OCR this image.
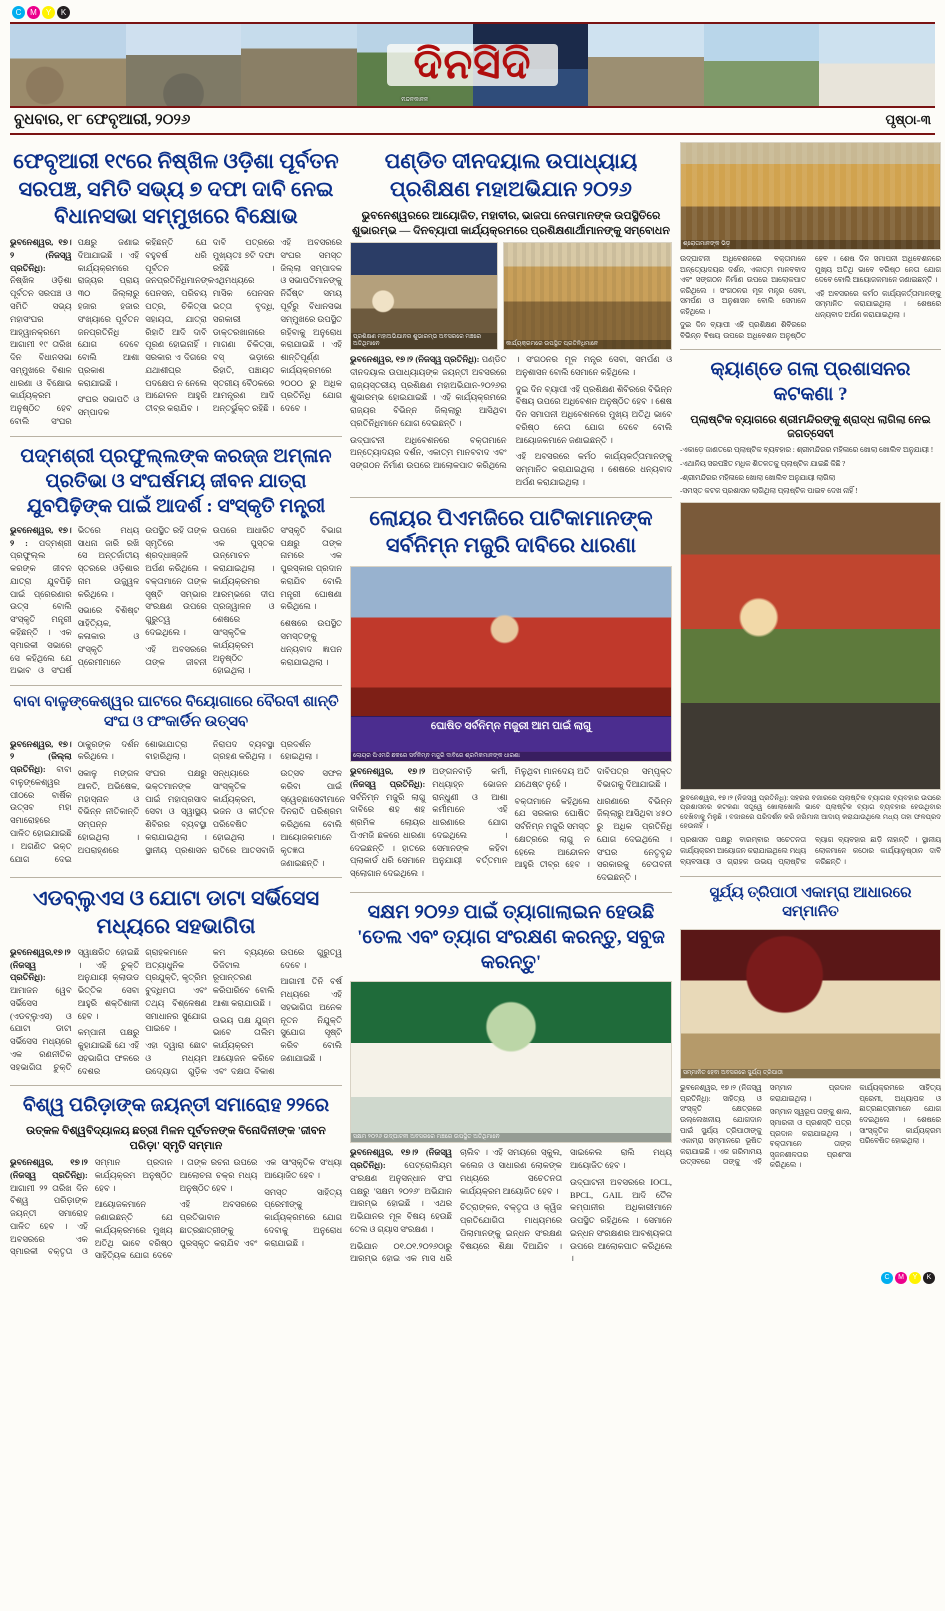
C	M	Y	K
ନନ୍ଦନକାନନ
ଦିନସିଦି
ବୁଧବାର, ୧୮ ଫେବୃଆରୀ, ୨୦୨୬	ପୃଷ୍ଠା-୩
ଫେବୃଆରୀ ୧୯ରେ ନିଷ୍ଖିଳ ଓଡ଼ିଶା ପୂର୍ବତନ ସରପଞ୍ଚ, ସମିତି ସଭ୍ୟ ୭ ଦଫା ଦାବି ନେଇ ବିଧାନସଭା ସମ୍ମୁଖରେ ବିକ୍ଷୋଭ

ଭୁବନେଶ୍ୱର, ୧୭।୨ (ନିଜସ୍ୱ ପ୍ରତିନିଧି): ନିଷ୍ଖିଳ ଓଡ଼ିଶା ପୂର୍ବତନ ସରପଞ୍ଚ ଓ ସମିତି ସଭ୍ୟ ମହାସଂଘର ଆହ୍ୱାନକ୍ରମେ ଆଗାମୀ ୧୯ ତାରିଖ ଦିନ ବିଧାନସଭା ସମ୍ମୁଖରେ ବିଶାଳ ଧାରଣା ଓ ବିକ୍ଷୋଭ କାର୍ଯ୍ୟକ୍ରମ ଅନୁଷ୍ଠିତ ହେବ ବୋଲି ସଂଘର ପକ୍ଷରୁ ଜଣାଇ ଦିଆଯାଇଛି । ଏହି କାର୍ଯ୍ୟକ୍ରମରେ ରାଜ୍ୟର ପ୍ରାୟ ୩୦ ଜିଲ୍ଲାରୁ ହଜାର ହଜାର ସଂଖ୍ୟାରେ ପୂର୍ବତନ ଜନପ୍ରତିନିଧି ଯୋଗ ଦେବେ ବୋଲି ଆଶା ପ୍ରକାଶ କରାଯାଇଛି ।

ସଂଘର ସଭାପତି ଓ ସମ୍ପାଦକ କହିଛନ୍ତି ଯେ ବହୁବର୍ଷ ଧରି ପୂର୍ବତନ ଜନପ୍ରତିନିଧିମାନଙ୍କ ପେନସନ, ପରିଚୟ ପତ୍ର, ଚିକିତ୍ସା ସହାୟତା, ଯାତ୍ରା ରିହାତି ଆଦି ଦାବି ପୂରଣ ହୋଇନାହିଁ । ସରକାର ଏ ଦିଗରେ ଯଥାଶୀଘ୍ର ପଦକ୍ଷେପ ନ ନେଲେ ଆନ୍ଦୋଳନ ଆହୁରି ତୀବ୍ର କରାଯିବ ।

ଦାବି ପତ୍ରରେ ମୁଖ୍ୟତଃ ୭ଟି ଦଫା ରହିଛି । ଏଥିମଧ୍ୟରେ ମାସିକ ପେନସନ ଭତ୍ତା ବୃଦ୍ଧି, ସରକାରୀ ଡାକ୍ତରଖାନାରେ ମାଗଣା ଚିକିତ୍ସା, ବସ୍ ଭଡ଼ାରେ ରିହାତି, ପଞ୍ଚାୟତ ସ୍ତରୀୟ ବୈଠକରେ ଆମନ୍ତ୍ରଣ ଆଦି ଅନ୍ତର୍ଭୁକ୍ତ ରହିଛି ।

ଏହି ଅବସରରେ ସଂଘର ସମସ୍ତ ଜିଲ୍ଲା ସମ୍ପାଦକ ଓ ସଭାପତିମାନଙ୍କୁ ନିର୍ଦ୍ଦିଷ୍ଟ ସମୟ ପୂର୍ବରୁ ବିଧାନସଭା ସମ୍ମୁଖରେ ଉପସ୍ଥିତ ରହିବାକୁ ଅନୁରୋଧ କରାଯାଇଛି । ଏହି ଶାନ୍ତିପୂର୍ଣ୍ଣ କାର୍ଯ୍ୟକ୍ରମରେ ୨୦୦୦ ରୁ ଅଧିକ ପ୍ରତିନିଧି ଯୋଗ ଦେବେ ।

ପଦ୍ମଶ୍ରୀ ପ୍ରଫୁଲ୍ଲଙ୍କ କରଜ୍ଜ ଅମ୍ଳାନ ପ୍ରତିଭା ଓ ସଂଘର୍ଷମୟ ଜୀବନ ଯାତ୍ରା ଯୁବପିଢ଼ିଙ୍କ ପାଇଁ ଆଦର୍ଶ : ସଂସ୍କୃତି ମନ୍ତ୍ରୀ

ଭୁବନେଶ୍ୱର, ୧୭।୨ : ପଦ୍ମଶ୍ରୀ ପ୍ରଫୁଲ୍ଲ କରଙ୍କ ଜୀବନ ଯାତ୍ରା ଯୁବପିଢ଼ି ପାଇଁ ପ୍ରେରଣାର ଉତ୍ସ ବୋଲି ସଂସ୍କୃତି ମନ୍ତ୍ରୀ କହିଛନ୍ତି । ଏକ ସ୍ମାରକୀ ସଭାରେ ସେ କହିଥିଲେ ଯେ ଅଭାବ ଓ ସଂଘର୍ଷ ଭିତରେ ମଧ୍ୟ ସାଧନା ଜାରି ରଖି ସେ ଅନ୍ତର୍ଜାତୀୟ ସ୍ତରରେ ଓଡ଼ିଶାର ନାମ ଉଜ୍ଜ୍ୱଳ କରିଥିଲେ ।

ସଭାରେ ବିଶିଷ୍ଟ ସାହିତ୍ୟିକ, କଳାକାର ଓ ସଂସ୍କୃତି ପ୍ରେମୀମାନେ ଉପସ୍ଥିତ ରହି ତାଙ୍କ ସ୍ମୃତିରେ ଶ୍ରଦ୍ଧାଞ୍ଜଳି ଅର୍ପଣ କରିଥିଲେ । ବକ୍ତାମାନେ ତାଙ୍କ ସୃଷ୍ଟି ସମ୍ଭାର ସଂରକ୍ଷଣ ଉପରେ ଗୁରୁତ୍ୱ ଦେଇଥିଲେ ।

ଏହି ଅବସରରେ ତାଙ୍କ ଜୀବନୀ ଉପରେ ଆଧାରିତ ଏକ ପୁସ୍ତକ ଉନ୍ମୋଚନ କରାଯାଇଥିଲା । କାର୍ଯ୍ୟକ୍ରମର ଆରମ୍ଭରେ ଦୀପ ପ୍ରଜ୍ୱାଳନ ଓ ଶେଷରେ ସାଂସ୍କୃତିକ କାର୍ଯ୍ୟକ୍ରମ ଅନୁଷ୍ଠିତ ହୋଇଥିଲା ।

ସଂସ୍କୃତି ବିଭାଗ ପକ୍ଷରୁ ତାଙ୍କ ନାମରେ ଏକ ପୁରସ୍କାର ପ୍ରଦାନ କରାଯିବ ବୋଲି ମନ୍ତ୍ରୀ ଘୋଷଣା କରିଥିଲେ ।

ଶେଷରେ ଉପସ୍ଥିତ ସମସ୍ତଙ୍କୁ ଧନ୍ୟବାଦ ଜ୍ଞାପନ କରାଯାଇଥିଲା ।

ବାବା ବାଳୁଙ୍କେଶ୍ୱର ଘାଟରେ ବିୟୋଗାରେ ବୈରବୀ ଶାନ୍ତି ସଂଘ ଓ ଫଂକାର୍ଡିନ ଉତ୍ସବ

ଭୁବନେଶ୍ୱର, ୧୭।୨ (ଜିଲ୍ଲା ପ୍ରତିନିଧି): ବାବା ବାଳୁଙ୍କେଶ୍ୱର ପୀଠରେ ବାର୍ଷିକ ଉତ୍ସବ ମହା ସମାରୋହରେ ପାଳିତ ହୋଇଯାଇଛି । ଅଗଣିତ ଭକ୍ତ ଯୋଗ ଦେଇ ଠାକୁରଙ୍କ ଦର୍ଶନ କରିଥିଲେ ।

ସକାଳୁ ମଙ୍ଗଳ ଆଳତି, ଅଭିଷେକ, ମହାସ୍ନାନ ଓ ବିଭିନ୍ନ ନୀତିକାନ୍ତି ସମ୍ପନ୍ନ ହୋଇଥିଲା । ଅପରାହ୍ଣରେ ଶୋଭାଯାତ୍ରା ବାହାରିଥିଲା ।

ସଂଘର ପକ୍ଷରୁ ଭକ୍ତମାନଙ୍କ ପାଇଁ ମହାପ୍ରସାଦ ସେବା ଓ ସ୍ୱାସ୍ଥ୍ୟ ଶିବିରର ବ୍ୟବସ୍ଥା କରାଯାଇଥିଲା । ସ୍ଥାନୀୟ ପ୍ରଶାସନ ନିରାପଦ ବ୍ୟବସ୍ଥା ଗ୍ରହଣ କରିଥିଲା ।

ସନ୍ଧ୍ୟାରେ ସାଂସ୍କୃତିକ କାର୍ଯ୍ୟକ୍ରମ, ଭଜନ ଓ କୀର୍ତ୍ତନ ପରିବେଷିତ ହୋଇଥିଲା । ରାତିରେ ଆତସବାଜି ପ୍ରଦର୍ଶନ ହୋଇଥିଲା ।

ଉତ୍ସବ ସଫଳ କରିବା ପାଇଁ ସ୍ୱେଚ୍ଛାସେବୀମାନେ ଦିନରାତି ପରିଶ୍ରମ କରିଥିଲେ ବୋଲି ଆୟୋଜକମାନେ କୃତଜ୍ଞତା ଜଣାଇଛନ୍ତି ।

ଏଡବ୍ଲୁଏସ ଓ ଯୋଟା ଡାଟା ସର୍ଭିସେସ ମଧ୍ୟରେ ସହଭାଗିତା

ଭୁବନେଶ୍ୱର,୧୭।୨ (ନିଜସ୍ୱ ପ୍ରତିନିଧି): ଆମାଜନ ୱେବ ସର୍ଭିସେସ (ଏଡବ୍ଲୁଏସ) ଓ ଯୋଟା ଡାଟା ସର୍ଭିସେସ ମଧ୍ୟରେ ଏକ ରଣନୀତିକ ସହଭାଗିତା ଚୁକ୍ତି ସ୍ୱାକ୍ଷରିତ ହୋଇଛି । ଏହି ଚୁକ୍ତି ଅନୁଯାୟୀ କ୍ଲାଉଡ ଭିତ୍ତିକ ସେବା ଆହୁରି ଶକ୍ତିଶାଳୀ ହେବ ।

କମ୍ପାନୀ ପକ୍ଷରୁ କୁହାଯାଇଛି ଯେ ଏହି ସହଭାଗିତା ଫଳରେ ଦେଶର ଗ୍ରାହକମାନେ ଅତ୍ୟାଧୁନିକ ପ୍ରଯୁକ୍ତି, କୃତ୍ରିମ ବୁଦ୍ଧିମତା ଏବଂ ତଥ୍ୟ ବିଶ୍ଳେଷଣ ସମାଧାନର ସୁଯୋଗ ପାଇବେ ।

ଏହା ଦ୍ୱାରା ଛୋଟ ଓ ମଧ୍ୟମ ଉଦ୍ୟୋଗ ଗୁଡ଼ିକ କମ ବ୍ୟୟରେ ଡିଜିଟାଲ ରୂପାନ୍ତରଣ କରିପାରିବେ ବୋଲି ଆଶା କରାଯାଉଛି ।

ଉଭୟ ପକ୍ଷ ଯୁଗ୍ମ ଭାବେ ତାଲିମ କାର୍ଯ୍ୟକ୍ରମ ଆୟୋଜନ କରିବେ ଏବଂ ଦକ୍ଷତା ବିକାଶ ଉପରେ ଗୁରୁତ୍ୱ ଦେବେ ।

ଆଗାମୀ ତିନି ବର୍ଷ ମଧ୍ୟରେ ଏହି ସହଭାଗିତା ଅନେକ ନୂତନ ନିଯୁକ୍ତି ସୁଯୋଗ ସୃଷ୍ଟି କରିବ ବୋଲି ଜଣାଯାଇଛି ।

ବିଶ୍ୱ ପରିଡ଼ାଙ୍କ ଜୟନ୍ତୀ ସମାରୋହ ୨୨ରେ
ଉତ୍କଳ ବିଶ୍ୱବିଦ୍ୟାଳୟ ଛତ୍ରୀ ମିଳନ ପୂର୍ବତନଙ୍କ ବିନୋଦିନୀଙ୍କ 'ଜୀବନ ପରିଡ଼ା' ସ୍ମୃତି ସମ୍ମାନ

ଭୁବନେଶ୍ୱର, ୧୭।୨ (ନିଜସ୍ୱ ପ୍ରତିନିଧି): ଆଗାମୀ ୨୨ ତାରିଖ ଦିନ ବିଶ୍ୱ ପରିଡ଼ାଙ୍କ ଜୟନ୍ତୀ ସମାରୋହ ପାଳିତ ହେବ । ଏହି ଅବସରରେ ଏକ ସ୍ମାରକୀ ବକ୍ତୃତା ଓ ସମ୍ମାନ ପ୍ରଦାନ କାର୍ଯ୍ୟକ୍ରମ ଅନୁଷ୍ଠିତ ହେବ ।

ଆୟୋଜକମାନେ ଜଣାଇଛନ୍ତି ଯେ କାର୍ଯ୍ୟକ୍ରମରେ ମୁଖ୍ୟ ଅତିଥି ଭାବେ ବରିଷ୍ଠ ସାହିତ୍ୟିକ ଯୋଗ ଦେବେ । ତାଙ୍କ ରଚନା ଉପରେ ଆଲୋଚନା ଚକ୍ର ମଧ୍ୟ ଅନୁଷ୍ଠିତ ହେବ ।

ଏହି ଅବସରରେ ପ୍ରତିଭାବାନ ଛାତ୍ରଛାତ୍ରୀଙ୍କୁ ପୁରସ୍କୃତ କରାଯିବ ଏବଂ ଏକ ସାଂସ୍କୃତିକ ସଂଧ୍ୟା ଆୟୋଜିତ ହେବ ।

ସମସ୍ତ ସାହିତ୍ୟ ପ୍ରେମୀଙ୍କୁ କାର୍ଯ୍ୟକ୍ରମରେ ଯୋଗ ଦେବାକୁ ଅନୁରୋଧ କରାଯାଇଛି ।

ପଣ୍ଡିତ ଦୀନଦୟାଲ ଉପାଧ୍ୟାୟ ପ୍ରଶିକ୍ଷଣ ମହାଅଭିଯାନ ୨୦୨୬
ଭୁବନେଶ୍ୱରରେ ଆୟୋଜିତ, ମହାବୀର, ଭାଜପା ନେତାମାନଙ୍କ ଉପସ୍ଥିତିରେ ଶୁଭାରମ୍ଭ — ଦିନବ୍ୟାପୀ କାର୍ଯ୍ୟକ୍ରମରେ ପ୍ରଶିକ୍ଷଣାର୍ଥୀମାନଙ୍କୁ ସମ୍ବୋଧନ
ପ୍ରଶିକ୍ଷଣ ମହାଅଭିଯାନର ଶୁଭାରମ୍ଭ ଅବସରରେ ମଞ୍ଚରେ ଅତିଥିମାନେ	କାର୍ଯ୍ୟକ୍ରମରେ ଉପସ୍ଥିତ ପ୍ରତିନିଧିମାନେ

ଭୁବନେଶ୍ୱର, ୧୭।୨ (ନିଜସ୍ୱ ପ୍ରତିନିଧି): ପଣ୍ଡିତ ଦୀନଦୟାଲ ଉପାଧ୍ୟାୟଙ୍କ ଜୟନ୍ତୀ ଅବସରରେ ରାଜ୍ୟସ୍ତରୀୟ ପ୍ରଶିକ୍ଷଣ ମହାଅଭିଯାନ-୨୦୨୬ର ଶୁଭାରମ୍ଭ ହୋଇଯାଇଛି । ଏହି କାର୍ଯ୍ୟକ୍ରମରେ ରାଜ୍ୟର ବିଭିନ୍ନ ଜିଲ୍ଲାରୁ ଆସିଥିବା ପ୍ରତିନିଧିମାନେ ଯୋଗ ଦେଇଛନ୍ତି ।

ଉଦ୍‌ଘାଟନୀ ଅଧିବେଶନରେ ବକ୍ତାମାନେ ଅନ୍ତ୍ୟୋଦୟର ଦର୍ଶନ, ଏକାତ୍ମ ମାନବବାଦ ଏବଂ ସଙ୍ଗଠନ ନିର୍ମାଣ ଉପରେ ଆଲୋକପାତ କରିଥିଲେ । ସଂଗଠନର ମୂଳ ମନ୍ତ୍ର ସେବା, ସମର୍ପଣ ଓ ଅନୁଶାସନ ବୋଲି ସେମାନେ କହିଥିଲେ ।

ଦୁଇ ଦିନ ବ୍ୟାପୀ ଏହି ପ୍ରଶିକ୍ଷଣ ଶିବିରରେ ବିଭିନ୍ନ ବିଷୟ ଉପରେ ଅଧିବେଶନ ଅନୁଷ୍ଠିତ ହେବ । ଶେଷ ଦିନ ସମାପନୀ ଅଧିବେଶନରେ ମୁଖ୍ୟ ଅତିଥି ଭାବେ ବରିଷ୍ଠ ନେତା ଯୋଗ ଦେବେ ବୋଲି ଆୟୋଜକମାନେ ଜଣାଇଛନ୍ତି ।

ଏହି ଅବସରରେ କର୍ମଠ କାର୍ଯ୍ୟକର୍ତ୍ତାମାନଙ୍କୁ ସମ୍ମାନିତ କରାଯାଇଥିଲା । ଶେଷରେ ଧନ୍ୟବାଦ ଅର୍ପଣ କରାଯାଇଥିଲା ।

ଲୋୟର ପିଏମଜିରେ ପାଟିକାମାନଙ୍କ ସର୍ବନିମ୍ନ ମଜୁରି ଦାବିରେ ଧାରଣା
ଘୋଷିତ ସର୍ବନିମ୍ନ ମଜୁରୀ ଆମ ପାଇଁ ଲାଗୁ
ଲୋୟର ପିଏମଜି ଛକରେ ସର୍ବନିମ୍ନ ମଜୁରି ଦାବିରେ ଶ୍ରମିକମାନଙ୍କ ଧାରଣା

ଭୁବନେଶ୍ୱର, ୧୭।୨ (ନିଜସ୍ୱ ପ୍ରତିନିଧି): ସର୍ବନିମ୍ନ ମଜୁରି ଲାଗୁ ଦାବିରେ ଶହ ଶହ ଶ୍ରମିକ ଲୋୟର ପିଏମଜି ଛକରେ ଧାରଣା ଦେଇଛନ୍ତି । ହାତରେ ପ୍ଲାକାର୍ଡ ଧରି ସେମାନେ ସ୍ଲୋଗାନ ଦେଇଥିଲେ ।

ଅଙ୍ଗନବାଡ଼ି କର୍ମୀ, ମଧ୍ୟାହ୍ନ ଭୋଜନ ରାନ୍ଧୁଣୀ ଓ ଆଶା କର୍ମୀମାନେ ଏହି ଧାରଣାରେ ଯୋଗ ଦେଇଥିଲେ । ସେମାନଙ୍କ କହିବା ଅନୁଯାୟୀ ବର୍ତ୍ତମାନ ମିଳୁଥିବା ମାନଦେୟ ଅତି ଯଥେଷ୍ଟ ନୁହେଁ ।

ବକ୍ତାମାନେ କହିଥିଲେ ଯେ ସରକାର ଘୋଷିତ ସର୍ବନିମ୍ନ ମଜୁରି ସମସ୍ତ କ୍ଷେତ୍ରରେ ଲାଗୁ ନ ହେଲେ ଆନ୍ଦୋଳନ ଆହୁରି ତୀବ୍ର ହେବ । ଦାବିପତ୍ର ସମ୍ପୃକ୍ତ ବିଭାଗକୁ ଦିଆଯାଇଛି ।

ଧାରଣାରେ ବିଭିନ୍ନ ଜିଲ୍ଲାରୁ ଆସିଥିବା ୪୫୦ ରୁ ଅଧିକ ପ୍ରତିନିଧି ଯୋଗ ଦେଇଥିଲେ । ସଂଘର ନେତୃବୃନ୍ଦ ସରକାରକୁ ଚେତାବନୀ ଦେଇଛନ୍ତି ।

ସକ୍ଷମ ୨୦୨୬ ପାଇଁ ତ୍ୟାଗାଲାଇନ ହେଉଛି 'ତେଲ ଏବଂ ତ୍ୟାଗ ସଂରକ୍ଷଣ କରନ୍ତୁ, ସବୁଜ କରନ୍ତୁ'
ସକ୍ଷମ ୨୦୨୬ ଉଦ୍‌ଘାଟନୀ ଅବସରରେ ମଞ୍ଚରେ ଉପସ୍ଥିତ ଅତିଥିମାନେ

ଭୁବନେଶ୍ୱର, ୧୭।୨ (ନିଜସ୍ୱ ପ୍ରତିନିଧି): ପେଟ୍ରୋଲିୟମ ସଂରକ୍ଷଣ ଅନୁସନ୍ଧାନ ସଂଘ ପକ୍ଷରୁ 'ସକ୍ଷମ ୨୦୨୬' ଅଭିଯାନ ଆରମ୍ଭ ହୋଇଛି । ଏଥର ଅଭିଯାନର ମୂଳ ବିଷୟ ହେଉଛି ତେଲ ଓ ଗ୍ୟାସ ସଂରକ୍ଷଣ ।

ଅଭିଯାନ ୦୧.୦୧.୨୦୨୬ଠାରୁ ଆରମ୍ଭ ହୋଇ ଏକ ମାସ ଧରି ଚାଲିବ । ଏହି ସମୟରେ ସ୍କୁଲ, କଲେଜ ଓ ସାଧାରଣ ଲୋକଙ୍କ ମଧ୍ୟରେ ସଚେତନତା କାର୍ଯ୍ୟକ୍ରମ ଆୟୋଜିତ ହେବ ।

ଚିତ୍ରାଙ୍କନ, ବକ୍ତୃତା ଓ କ୍ୱିଜ ପ୍ରତିଯୋଗିତା ମାଧ୍ୟମରେ ପିଲାମାନଙ୍କୁ ଇନ୍ଧନ ସଂରକ୍ଷଣ ବିଷୟରେ ଶିକ୍ଷା ଦିଆଯିବ । ସାଇକେଲ ରାଲି ମଧ୍ୟ ଆୟୋଜିତ ହେବ ।

ଉଦ୍‌ଘାଟନୀ ଅବସରରେ IOCL, BPCL, GAIL ଆଦି ତୈଳ କମ୍ପାନୀର ଅଧିକାରୀମାନେ ଉପସ୍ଥିତ ରହିଥିଲେ । ସେମାନେ ଇନ୍ଧନ ସଂରକ୍ଷଣର ଆବଶ୍ୟକତା ଉପରେ ଆଲୋକପାତ କରିଥିଲେ ।

ଶ୍ରୋତାମାନଙ୍କ ଭିଡ଼

ଉଦ୍‌ଘାଟନୀ ଅଧିବେଶନରେ ବକ୍ତାମାନେ ଅନ୍ତ୍ୟୋଦୟର ଦର୍ଶନ, ଏକାତ୍ମ ମାନବବାଦ ଏବଂ ସଙ୍ଗଠନ ନିର୍ମାଣ ଉପରେ ଆଲୋକପାତ କରିଥିଲେ । ସଂଗଠନର ମୂଳ ମନ୍ତ୍ର ସେବା, ସମର୍ପଣ ଓ ଅନୁଶାସନ ବୋଲି ସେମାନେ କହିଥିଲେ ।

ଦୁଇ ଦିନ ବ୍ୟାପୀ ଏହି ପ୍ରଶିକ୍ଷଣ ଶିବିରରେ ବିଭିନ୍ନ ବିଷୟ ଉପରେ ଅଧିବେଶନ ଅନୁଷ୍ଠିତ ହେବ । ଶେଷ ଦିନ ସମାପନୀ ଅଧିବେଶନରେ ମୁଖ୍ୟ ଅତିଥି ଭାବେ ବରିଷ୍ଠ ନେତା ଯୋଗ ଦେବେ ବୋଲି ଆୟୋଜକମାନେ ଜଣାଇଛନ୍ତି ।

ଏହି ଅବସରରେ କର୍ମଠ କାର୍ଯ୍ୟକର୍ତ୍ତାମାନଙ୍କୁ ସମ୍ମାନିତ କରାଯାଇଥିଲା । ଶେଷରେ ଧନ୍ୟବାଦ ଅର୍ପଣ କରାଯାଇଥିଲା ।

କ୍ୟାଣ୍ଡେ ଗଲା ପ୍ରଶାସନର କଟକଣା ?
ପ୍ଲାଷ୍ଟିକ ବ୍ୟାଗରେ ଶ୍ରୀମନ୍ଦିରଙ୍କୁ ଶ୍ରାଦ୍ଧ ଲାଗିଲା ନେଇ ଜଗତ୍‌ସେବୀ

-ଏକାଡ଼େ ଜାଣତରେ ପ୍ଲାଷ୍ଟିକ ବ୍ୟବହାର : ଶ୍ରୀମନ୍ଦିରର ମହିଳାରେ ଖୋଲା ଖୋଲିବ ଅନୁଯାୟୀ !

-ଏଥାନିୟ ସରପଞ୍ଚିତ ମଧିକ ଶିତଳତକୁ ପ୍ଲାଷ୍ଟିକ ଯାଇଛି କିଛି ?

-ଶ୍ରୀମନ୍ଦିରର ମହିଳାରେ ଖୋଲା ଖୋଲିବ ଅନୁଯାୟୀ ଲାଗିଲା

-ସମସ୍ତ କଟକ ପ୍ରଶାସନ ଲାଗିଥିଲା ପ୍ଲାଷ୍ଟିକ ପାଇବ ଦେଖ ନାହିଁ !

ଭୁବନେଶ୍ୱର, ୧୭।୨ (ନିଜସ୍ୱ ପ୍ରତିନିଧି): ସହରର ବଜାରରେ ପ୍ଲାଷ୍ଟିକ ବ୍ୟାଗର ବ୍ୟବହାର ଉପରେ ପ୍ରଶାସନର କଟକଣା ସତ୍ତ୍ୱେ ଖୋଲାଖୋଲି ଭାବେ ପ୍ଲାଷ୍ଟିକ ବ୍ୟାଗ ବ୍ୟବହାର ହେଉଥିବାର ଦେଖିବାକୁ ମିଳୁଛି । ବଜାରରେ ପରିଦର୍ଶନ କରି ଜରିମାନା ଆଦାୟ କରାଯାଉଥିଲେ ମଧ୍ୟ ତାହା ଫଳପ୍ରଦ ହେଉନାହିଁ ।

ପ୍ରଶାସନ ପକ୍ଷରୁ ବାରମ୍ବାର ସଚେତନତା କାର୍ଯ୍ୟକ୍ରମ ଆୟୋଜନ କରାଯାଇଥିଲେ ମଧ୍ୟ ବ୍ୟବସାୟୀ ଓ ଗ୍ରାହକ ଉଭୟ ପ୍ଲାଷ୍ଟିକ ବ୍ୟାଗ ବ୍ୟବହାର ଛାଡ଼ି ନାହାନ୍ତି । ସ୍ଥାନୀୟ ଲୋକମାନେ କଠୋର କାର୍ଯ୍ୟାନୁଷ୍ଠାନ ଦାବି କରିଛନ୍ତି ।

ସୁର୍ଯ୍ୟ ତ୍ରିପାଠୀ ଏକାମ୍ରା ଆଧାରରେ ସମ୍ମାନିତ
ସମ୍ମାନିତ ହେବା ଅବସରରେ ସୁର୍ଯ୍ୟ ତ୍ରିପାଠୀ

ଭୁବନେଶ୍ୱର, ୧୭।୨ (ନିଜସ୍ୱ ପ୍ରତିନିଧି): ସାହିତ୍ୟ ଓ ସଂସ୍କୃତି କ୍ଷେତ୍ରରେ ଉଲ୍ଲେଖନୀୟ ଯୋଗଦାନ ପାଇଁ ସୁର୍ଯ୍ୟ ତ୍ରିପାଠୀଙ୍କୁ ଏକାମ୍ରା ସମ୍ମାନରେ ଭୂଷିତ କରାଯାଇଛି । ଏକ ଗରିମାମୟ ଉତ୍ସବରେ ତାଙ୍କୁ ଏହି ସମ୍ମାନ ପ୍ରଦାନ କରାଯାଇଥିଲା ।

ସମ୍ମାନ ସ୍ୱରୂପ ତାଙ୍କୁ ଶାଲ, ସ୍ମାରକୀ ଓ ପ୍ରଶସ୍ତି ପତ୍ର ପ୍ରଦାନ କରାଯାଇଥିଲା । ବକ୍ତାମାନେ ତାଙ୍କ ସୃଜନଶୀଳତାର ପ୍ରଶଂସା କରିଥିଲେ ।

କାର୍ଯ୍ୟକ୍ରମରେ ସାହିତ୍ୟ ପ୍ରେମୀ, ଅଧ୍ୟାପକ ଓ ଛାତ୍ରଛାତ୍ରୀମାନେ ଯୋଗ ଦେଇଥିଲେ । ଶେଷରେ ସାଂସ୍କୃତିକ କାର୍ଯ୍ୟକ୍ରମ ପରିବେଷିତ ହୋଇଥିଲା ।

C	M	Y	K
